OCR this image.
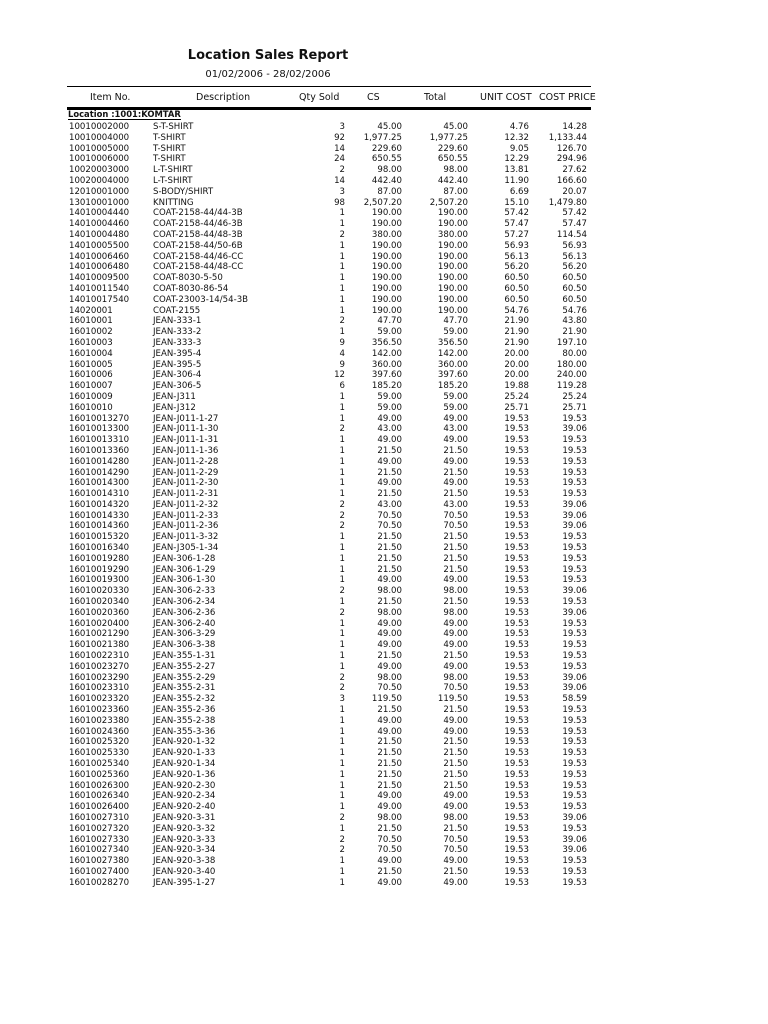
Location Sales Report
01/02/2006 - 28/02/2006
Item No.	Description	Qty Sold	CS	Total	UNIT COST COST PRICE
Location :1001:KOMTAR
10010002000	S-T-SHIRT	3	45.00	45.00	4.76	14.28
10010004000	T-SHIRT	92 1,977.25	1,977.25	12.32 1,133.44
10010005000	T-SHIRT	14	229.60	229.60	9.05	126.70
10010006000	T-SHIRT	24	650.55	650.55	12.29	294.96
10020003000	L-T-SHIRT	2	98.00	98.00	13.81	27.62
10020004000	L-T-SHIRT	14	442.40	442.40	11.90	166.60
12010001000	S-BODY/SHIRT	3	87.00	87.00	6.69	20.07
13010001000	KNITTING	98 2,507.20	2,507.20	15.10 1,479.80
14010004440	COAT-2158-44/44-3B	1	190.00	190.00	57.42	57.42
14010004460	COAT-2158-44/46-3B	1	190.00	190.00	57.47	57.47
14010004480	COAT-2158-44/48-3B	2	380.00	380.00	57.27	114.54
14010005500	COAT-2158-44/50-6B	1	190.00	190.00	56.93	56.93
14010006460	COAT-2158-44/46-CC	1	190.00	190.00	56.13	56.13
14010006480	COAT-2158-44/48-CC	1	190.00	190.00	56.20	56.20
14010009500	COAT-8030-5-50	1	190.00	190.00	60.50	60.50
14010011540	COAT-8030-86-54	1	190.00	190.00	60.50	60.50
14010017540	COAT-23003-14/54-3B	1	190.00	190.00	60.50	60.50
14020001	COAT-2155	1	190.00	190.00	54.76	54.76
16010001	JEAN-333-1	2	47.70	47.70	21.90	43.80
16010002	JEAN-333-2	1	59.00	59.00	21.90	21.90
16010003	JEAN-333-3	9	356.50	356.50	21.90	197.10
16010004	JEAN-395-4	4	142.00	142.00	20.00	80.00
16010005	JEAN-395-5	9	360.00	360.00	20.00	180.00
16010006	JEAN-306-4	12	397.60	397.60	20.00	240.00
16010007	JEAN-306-5	6	185.20	185.20	19.88	119.28
16010009	JEAN-J311	1	59.00	59.00	25.24	25.24
16010010	JEAN-J312	1	59.00	59.00	25.71	25.71
16010013270	JEAN-J011-1-27	1	49.00	49.00	19.53	19.53
16010013300	JEAN-J011-1-30	2	43.00	43.00	19.53	39.06
16010013310	JEAN-J011-1-31	1	49.00	49.00	19.53	19.53
16010013360	JEAN-J011-1-36	1	21.50	21.50	19.53	19.53
16010014280	JEAN-J011-2-28	1	49.00	49.00	19.53	19.53
16010014290	JEAN-J011-2-29	1	21.50	21.50	19.53	19.53
16010014300	JEAN-J011-2-30	1	49.00	49.00	19.53	19.53
16010014310	JEAN-J011-2-31	1	21.50	21.50	19.53	19.53
16010014320	JEAN-J011-2-32	2	43.00	43.00	19.53	39.06
16010014330	JEAN-J011-2-33	2	70.50	70.50	19.53	39.06
16010014360	JEAN-J011-2-36	2	70.50	70.50	19.53	39.06
16010015320	JEAN-J011-3-32	1	21.50	21.50	19.53	19.53
16010016340	JEAN-J305-1-34	1	21.50	21.50	19.53	19.53
16010019280	JEAN-306-1-28	1	21.50	21.50	19.53	19.53
16010019290	JEAN-306-1-29	1	21.50	21.50	19.53	19.53
16010019300	JEAN-306-1-30	1	49.00	49.00	19.53	19.53
16010020330	JEAN-306-2-33	2	98.00	98.00	19.53	39.06
16010020340	JEAN-306-2-34	1	21.50	21.50	19.53	19.53
16010020360	JEAN-306-2-36	2	98.00	98.00	19.53	39.06
16010020400	JEAN-306-2-40	1	49.00	49.00	19.53	19.53
16010021290	JEAN-306-3-29	1	49.00	49.00	19.53	19.53
16010021380	JEAN-306-3-38	1	49.00	49.00	19.53	19.53
16010022310	JEAN-355-1-31	1	21.50	21.50	19.53	19.53
16010023270	JEAN-355-2-27	1	49.00	49.00	19.53	19.53
16010023290	JEAN-355-2-29	2	98.00	98.00	19.53	39.06
16010023310	JEAN-355-2-31	2	70.50	70.50	19.53	39.06
16010023320	JEAN-355-2-32	3	119.50	119.50	19.53	58.59
16010023360	JEAN-355-2-36	1	21.50	21.50	19.53	19.53
16010023380	JEAN-355-2-38	1	49.00	49.00	19.53	19.53
16010024360	JEAN-355-3-36	1	49.00	49.00	19.53	19.53
16010025320	JEAN-920-1-32	1	21.50	21.50	19.53	19.53
16010025330	JEAN-920-1-33	1	21.50	21.50	19.53	19.53
16010025340	JEAN-920-1-34	1	21.50	21.50	19.53	19.53
16010025360	JEAN-920-1-36	1	21.50	21.50	19.53	19.53
16010026300	JEAN-920-2-30	1	21.50	21.50	19.53	19.53
16010026340	JEAN-920-2-34	1	49.00	49.00	19.53	19.53
16010026400	JEAN-920-2-40	1	49.00	49.00	19.53	19.53
16010027310	JEAN-920-3-31	2	98.00	98.00	19.53	39.06
16010027320	JEAN-920-3-32	1	21.50	21.50	19.53	19.53
16010027330	JEAN-920-3-33	2	70.50	70.50	19.53	39.06
16010027340	JEAN-920-3-34	2	70.50	70.50	19.53	39.06
16010027380	JEAN-920-3-38	1	49.00	49.00	19.53	19.53
16010027400	JEAN-920-3-40	1	21.50	21.50	19.53	19.53
16010028270	JEAN-395-1-27	1	49.00	49.00	19.53	19.53
